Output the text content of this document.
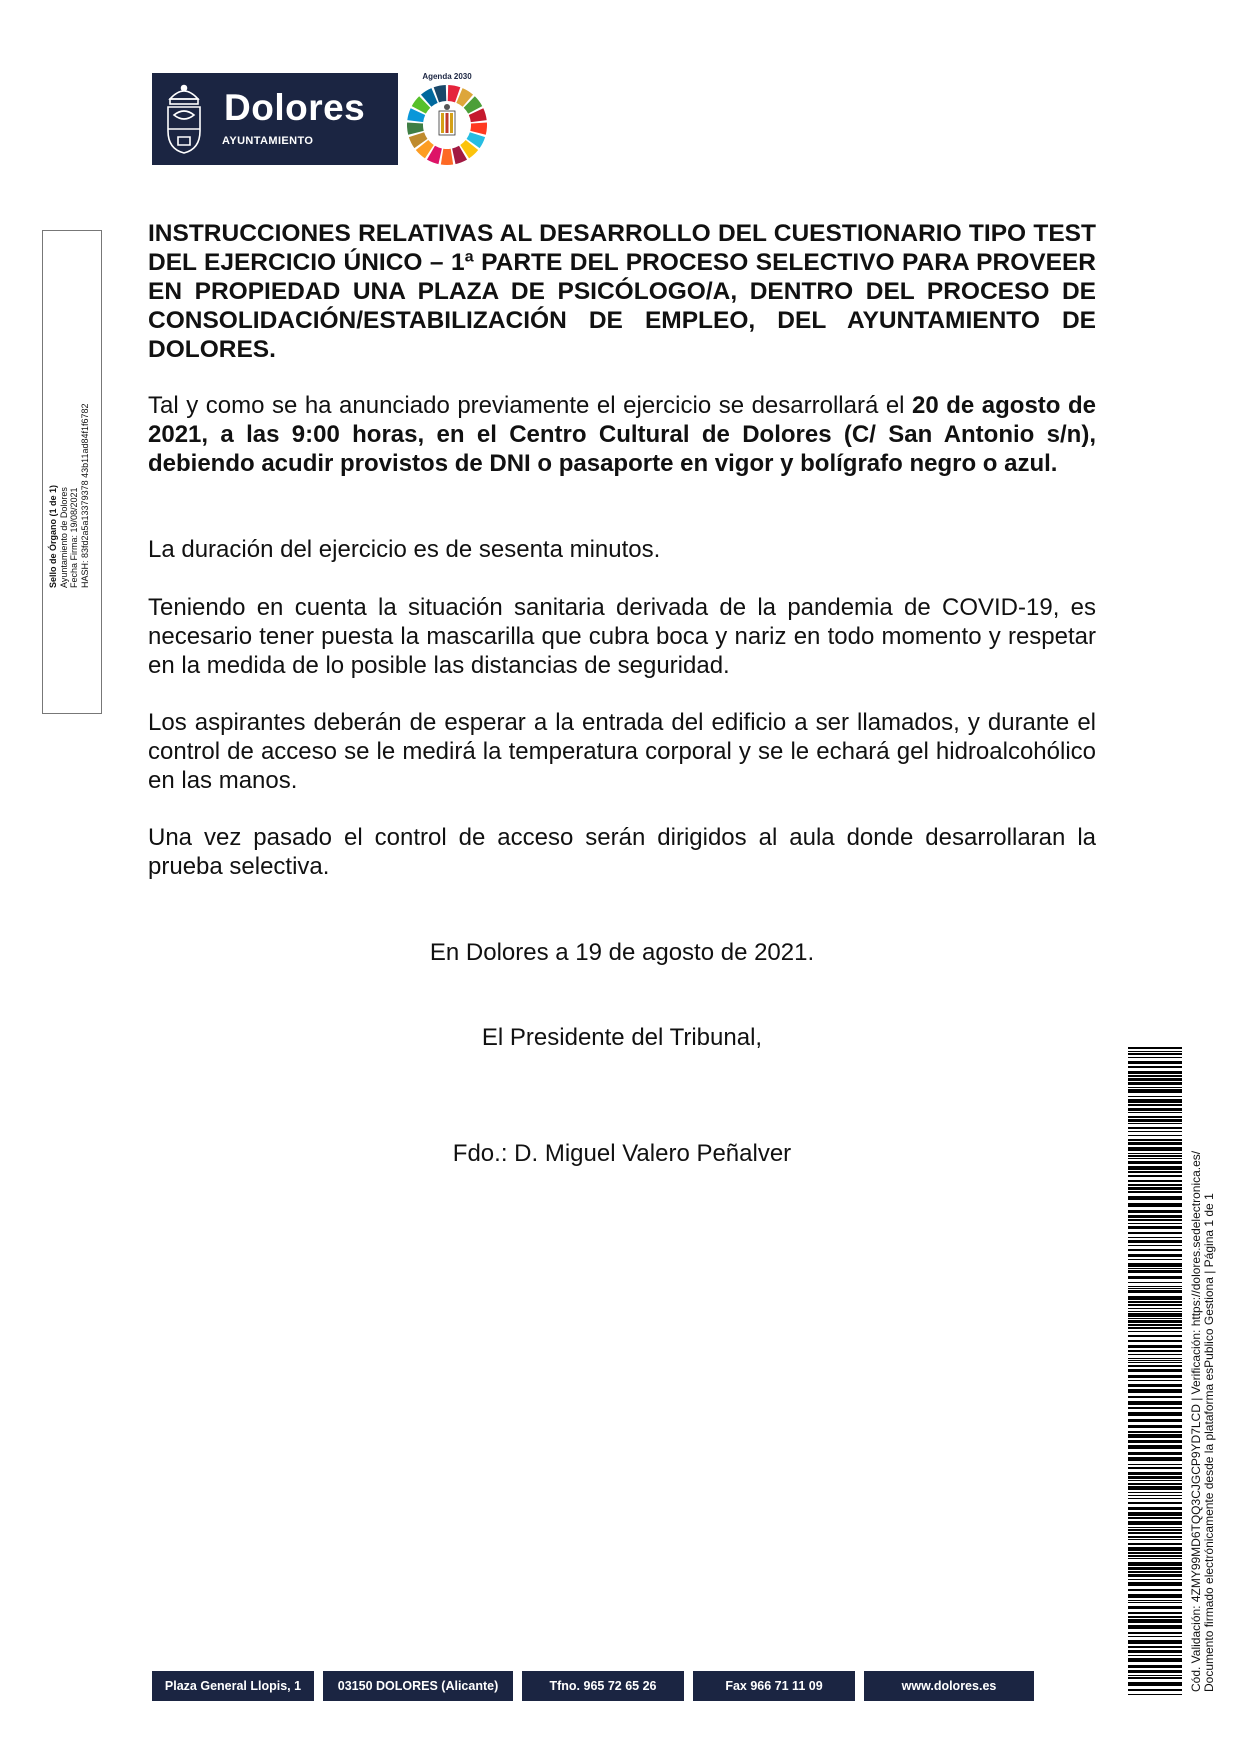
Dolores
AYUNTAMIENTO
Agenda 2030
Sello de Órgano (1 de 1) Ayuntamiento de Dolores Fecha Firma: 19/08/2021 HASH: 83fd2a5a13379378 43b11ad84f1f6782

INSTRUCCIONES RELATIVAS AL DESARROLLO DEL CUESTIONARIO TIPO TEST DEL EJERCICIO ÚNICO – 1ª PARTE DEL PROCESO SELECTIVO PARA PROVEER EN PROPIEDAD UNA PLAZA DE PSICÓLOGO/A, DENTRO DEL PROCESO DE CONSOLIDACIÓN/ESTABILIZACIÓN DE EMPLEO, DEL AYUNTAMIENTO DE DOLORES.

Tal y como se ha anunciado previamente el ejercicio se desarrollará el 20 de agosto de 2021, a las 9:00 horas, en el Centro Cultural de Dolores (C/ San Antonio s/n), debiendo acudir provistos de DNI o pasaporte en vigor y bolígrafo negro o azul.

La duración del ejercicio es de sesenta minutos.

Teniendo en cuenta la situación sanitaria derivada de la pandemia de COVID-19, es necesario tener puesta la mascarilla que cubra boca y nariz en todo momento y respetar en la medida de lo posible las distancias de seguridad.

Los aspirantes deberán de esperar a la entrada del edificio a ser llamados, y durante el control de acceso se le medirá la temperatura corporal y se le echará gel hidroalcohólico en las manos.

Una vez pasado el control de acceso serán dirigidos al aula donde desarrollaran la prueba selectiva.

En Dolores a 19 de agosto de 2021.

El Presidente del Tribunal,

Fdo.: D. Miguel Valero Peñalver

Plaza General Llopis, 1	03150 DOLORES (Alicante)	Tfno. 965 72 65 26	Fax 966 71 11 09	www.dolores.es	Cód. Validación: 4ZMY99MD6TQQ3CJGCP9YD7LCD | Verificación: https://dolores.sedelectronica.es/ Documento firmado electrónicamente desde la plataforma esPublico Gestiona | Página 1 de 1
